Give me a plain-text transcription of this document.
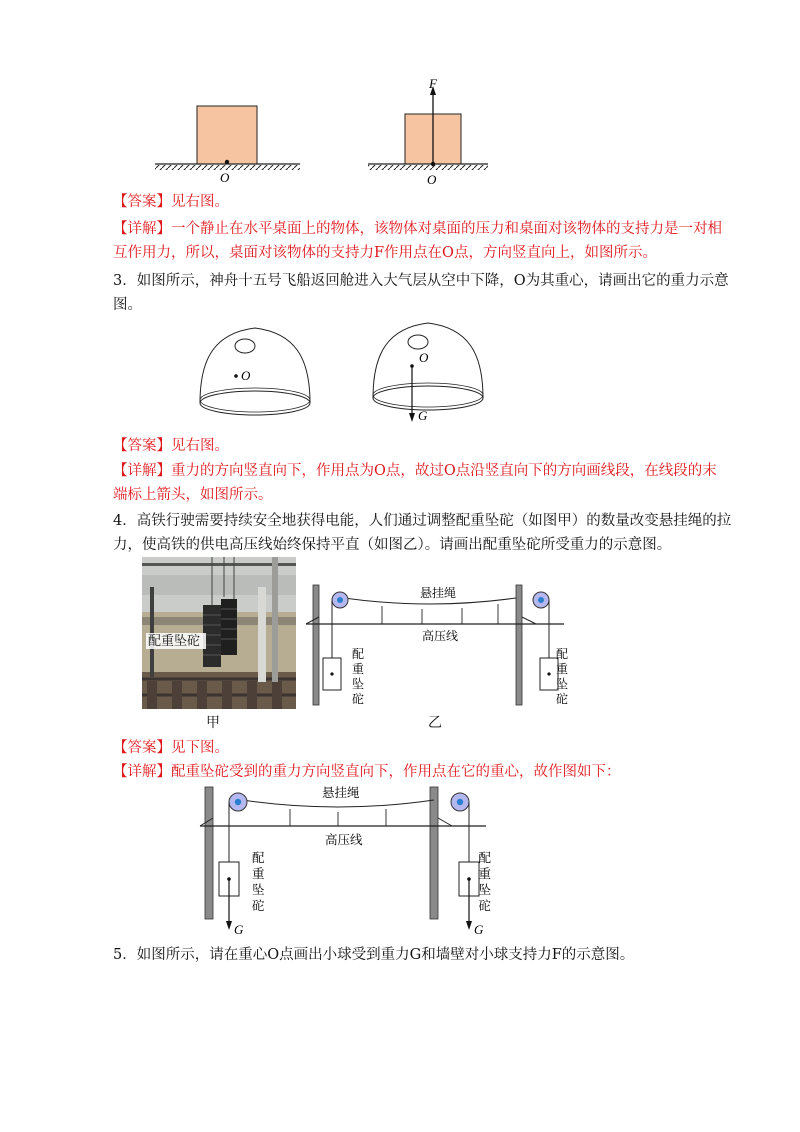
O
F
O
【答案】见右图。
【详解】一个静止在水平桌面上的物体，该物体对桌面的压力和桌面对该物体的支持力是一对相
互作用力，所以，桌面对该物体的支持力F作用点在O点，方向竖直向上，如图所示。
3．如图所示，神舟十五号飞船返回舱进入大气层从空中下降，O为其重心，请画出它的重力示意
图。
O
O
G
【答案】见右图。
【详解】重力的方向竖直向下，作用点为O点，故过O点沿竖直向下的方向画线段，在线段的末
端标上箭头，如图所示。
4．高铁行驶需要持续安全地获得电能，人们通过调整配重坠砣（如图甲）的数量改变悬挂绳的拉
力，使高铁的供电高压线始终保持平直（如图乙）。请画出配重坠砣所受重力的示意图。
配重坠砣
甲
悬挂绳
高压线
配
重
坠
砣
配
重
坠
砣
乙
【答案】见下图。
【详解】配重坠砣受到的重力方向竖直向下，作用点在它的重心，故作图如下：
悬挂绳
高压线
配
重
坠
砣
配
重
坠
砣
G	G
5．如图所示，请在重心O点画出小球受到重力G和墙壁对小球支持力F的示意图。
